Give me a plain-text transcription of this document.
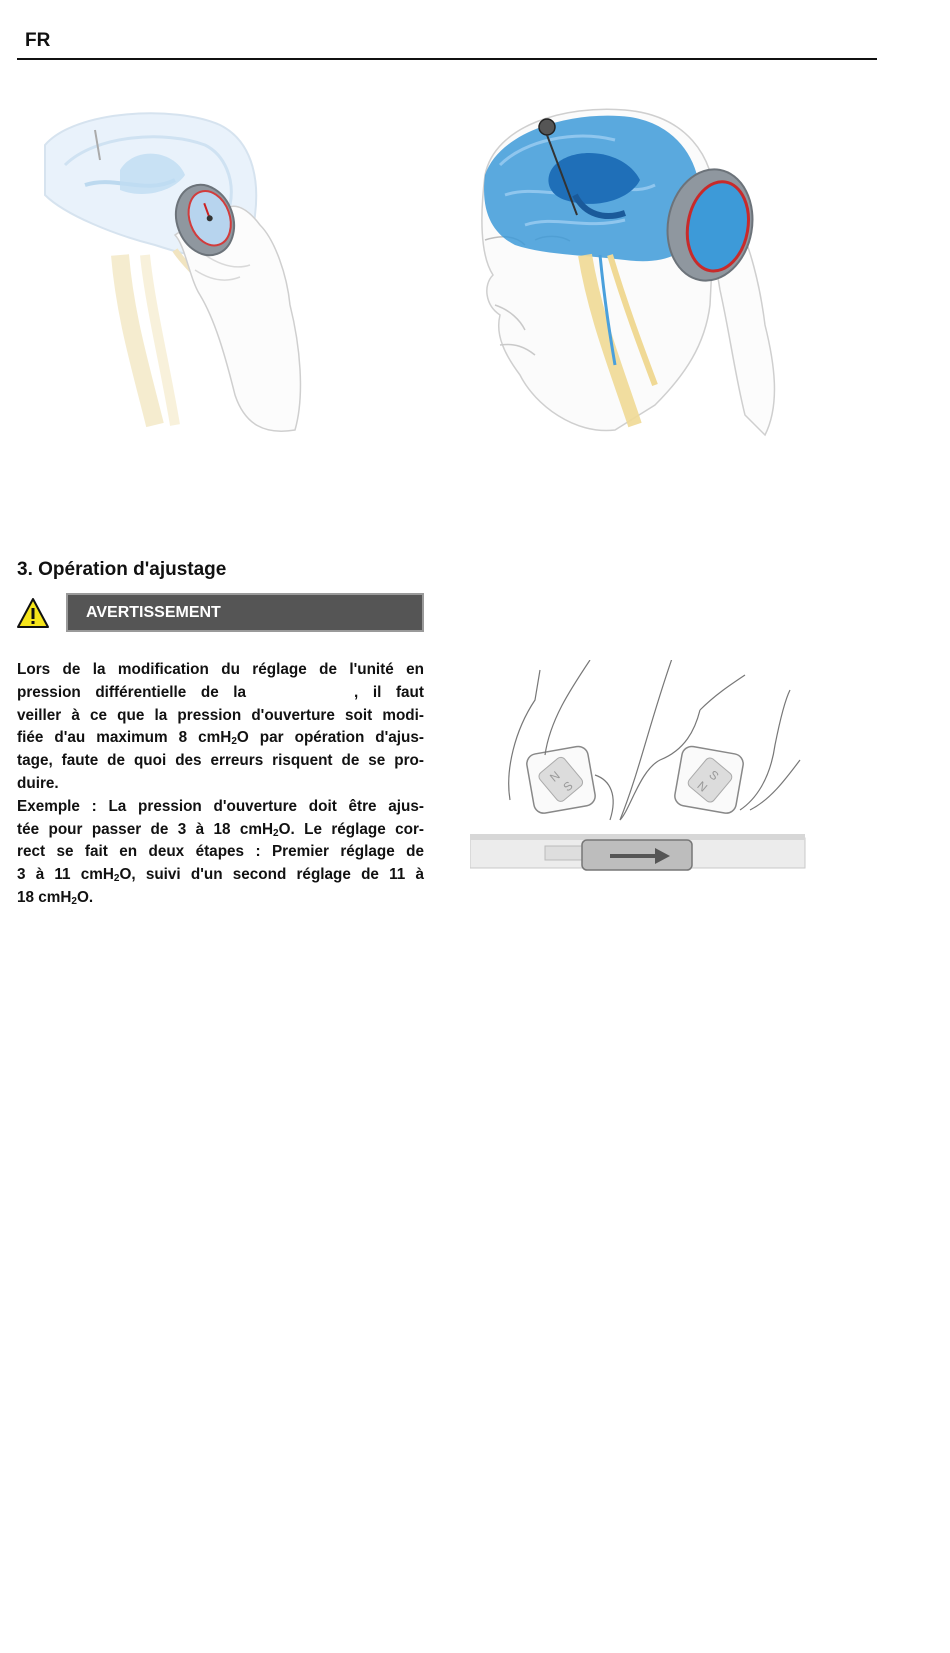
FR
3. Opération d'ajustage
AVERTISSEMENT
Lors de la modification du réglage de l'unité en
pression différentielle de la	, il faut
veiller à ce que la pression d'ouverture soit modi-
fiée d'au maximum 8 cmH$_2$O par opération d'ajus-
tage, faute de quoi des erreurs risquent de se pro-
duire.
Exemple : La pression d'ouverture doit être ajus-
tée pour passer de 3 à 18 cmH$_2$O. Le réglage cor-
rect se fait en deux étapes : Premier réglage de
3 à 11 cmH$_2$O, suivi d'un second réglage de 11 à
18 cmH$_2$O.
N
S
S
N
